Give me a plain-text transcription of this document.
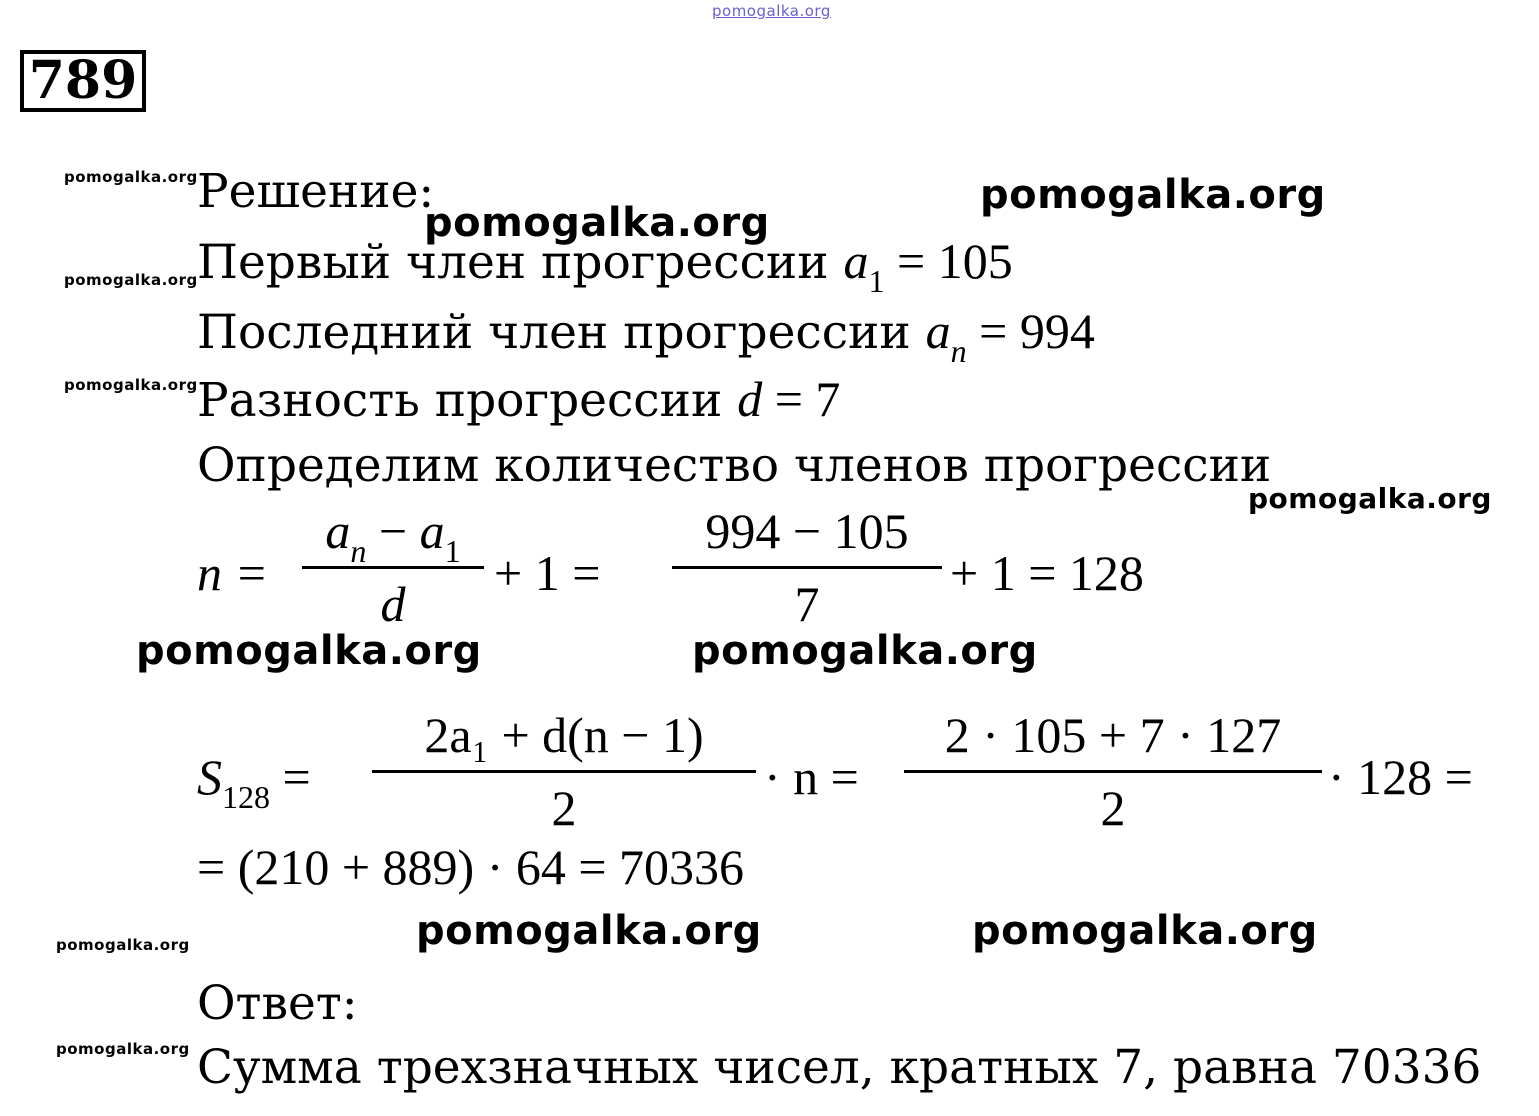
pomogalka.org
789
pomogalka.org
pomogalka.org
pomogalka.org
pomogalka.org
pomogalka.org
Решение:
pomogalka.org
pomogalka.org
pomogalka.org
pomogalka.org	pomogalka.org
pomogalka.org	pomogalka.org
Первый член прогрессии $a_1 = 105$
Последний член прогрессии $a_n = 994$
Разность прогрессии d = 7
Определим количество членов прогрессии
n =
$a_n - a_1$
d
+ 1 =
994 − 105
7
+ 1 = 128
$S_{128}$ =
2a₁ + d(n − 1)
2
· n =
2 · 105 + 7 · 127
2
· 128 =
= (210 + 889) · 64 = 70336
Ответ:
Сумма трехзначных чисел, кратных 7, равна 70336
